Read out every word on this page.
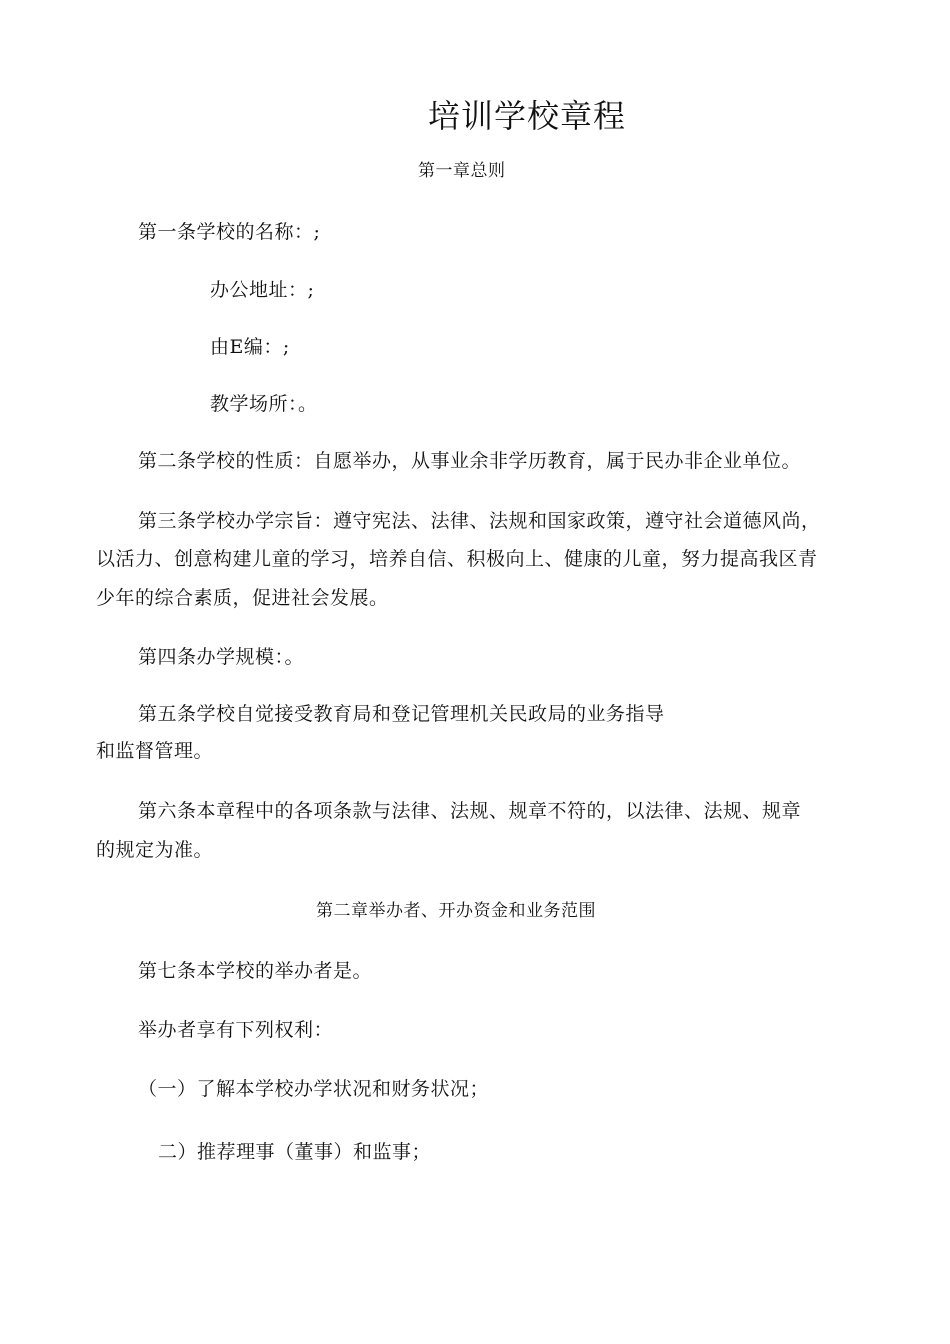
培训学校章程
第一章总则
第一条学校的名称：;
办公地址：;
由E编：;
教学场所：。
第二条学校的性质：自愿举办，从事业余非学历教育，属于民办非企业单位。
第三条学校办学宗旨：遵守宪法、法律、法规和国家政策，遵守社会道德风尚，
以活力、创意构建儿童的学习，培养自信、积极向上、健康的儿童，努力提高我区青
少年的综合素质，促进社会发展。
第四条办学规模：。
第五条学校自觉接受教育局和登记管理机关民政局的业务指导
和监督管理。
第六条本章程中的各项条款与法律、法规、规章不符的，以法律、法规、规章
的规定为准。
第二章举办者、开办资金和业务范围
第七条本学校的举办者是。
举办者享有下列权利：
（一）了解本学校办学状况和财务状况；
二）推荐理事（董事）和监事；
